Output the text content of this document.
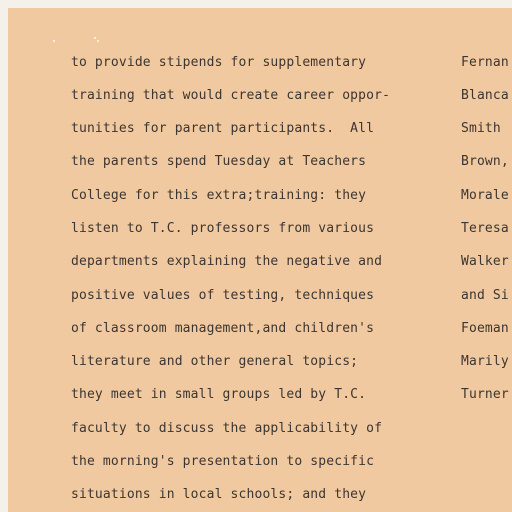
to provide stipends for supplementary
training that would create career oppor-
tunities for parent participants.  All
the parents spend Tuesday at Teachers
College for this extra;training: they
listen to T.C. professors from various
departments explaining the negative and
positive values of testing, techniques
of classroom management,and children's
literature and other general topics;
they meet in small groups led by T.C.
faculty to discuss the applicability of
the morning's presentation to specific
situations in local schools; and they
Fernan
Blanca
Smith
Brown,
Morale
Teresa
Walker
and Si
Foeman
Marily
Turner
